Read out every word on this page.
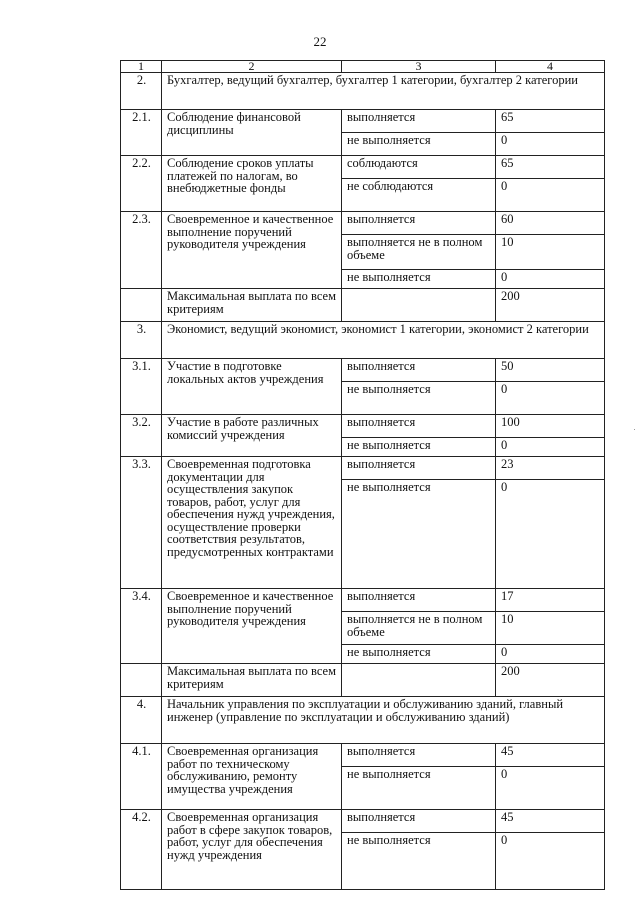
22
1	2	3	4
2.	Бухгалтер, ведущий бухгалтер, бухгалтер 1 категории, бухгалтер 2 категории		
2.1.	Соблюдение финансовой дисциплины	выполняется	65
		не выполняется	0
2.2.	Соблюдение сроков уплаты платежей по налогам, во внебюджетные фонды	соблюдаются	65
		не соблюдаются	0
2.3.	Своевременное и качественное выполнение поручений руководителя учреждения	выполняется	60
		выполняется не в полном объеме	10
		не выполняется	0
	Максимальная выплата по всем критериям		200
3.	Экономист, ведущий экономист, экономист 1 категории, экономист 2 категории		
3.1.	Участие в подготовке локальных актов учреждения	выполняется	50
		не выполняется	0
3.2.	Участие в работе различных комиссий учреждения	выполняется	100
		не выполняется	0
3.3.	Своевременная подготовка документации для осуществления закупок товаров, работ, услуг для обеспечения нужд учреждения, осуществление проверки соответствия результатов, предусмотренных контрактами	выполняется	23
		не выполняется	0
3.4.	Своевременное и качественное выполнение поручений руководителя учреждения	выполняется	17
		выполняется не в полном объеме	10
		не выполняется	0
	Максимальная выплата по всем критериям		200
4.	Начальник управления по эксплуатации и обслуживанию зданий, главный инженер (управление по эксплуатации и обслуживанию зданий)		
4.1.	Своевременная организация работ по техническому обслуживанию, ремонту имущества учреждения	выполняется	45
		не выполняется	0
4.2.	Своевременная организация работ в сфере закупок товаров, работ, услуг для обеспечения нужд учреждения	выполняется	45
		не выполняется	0
